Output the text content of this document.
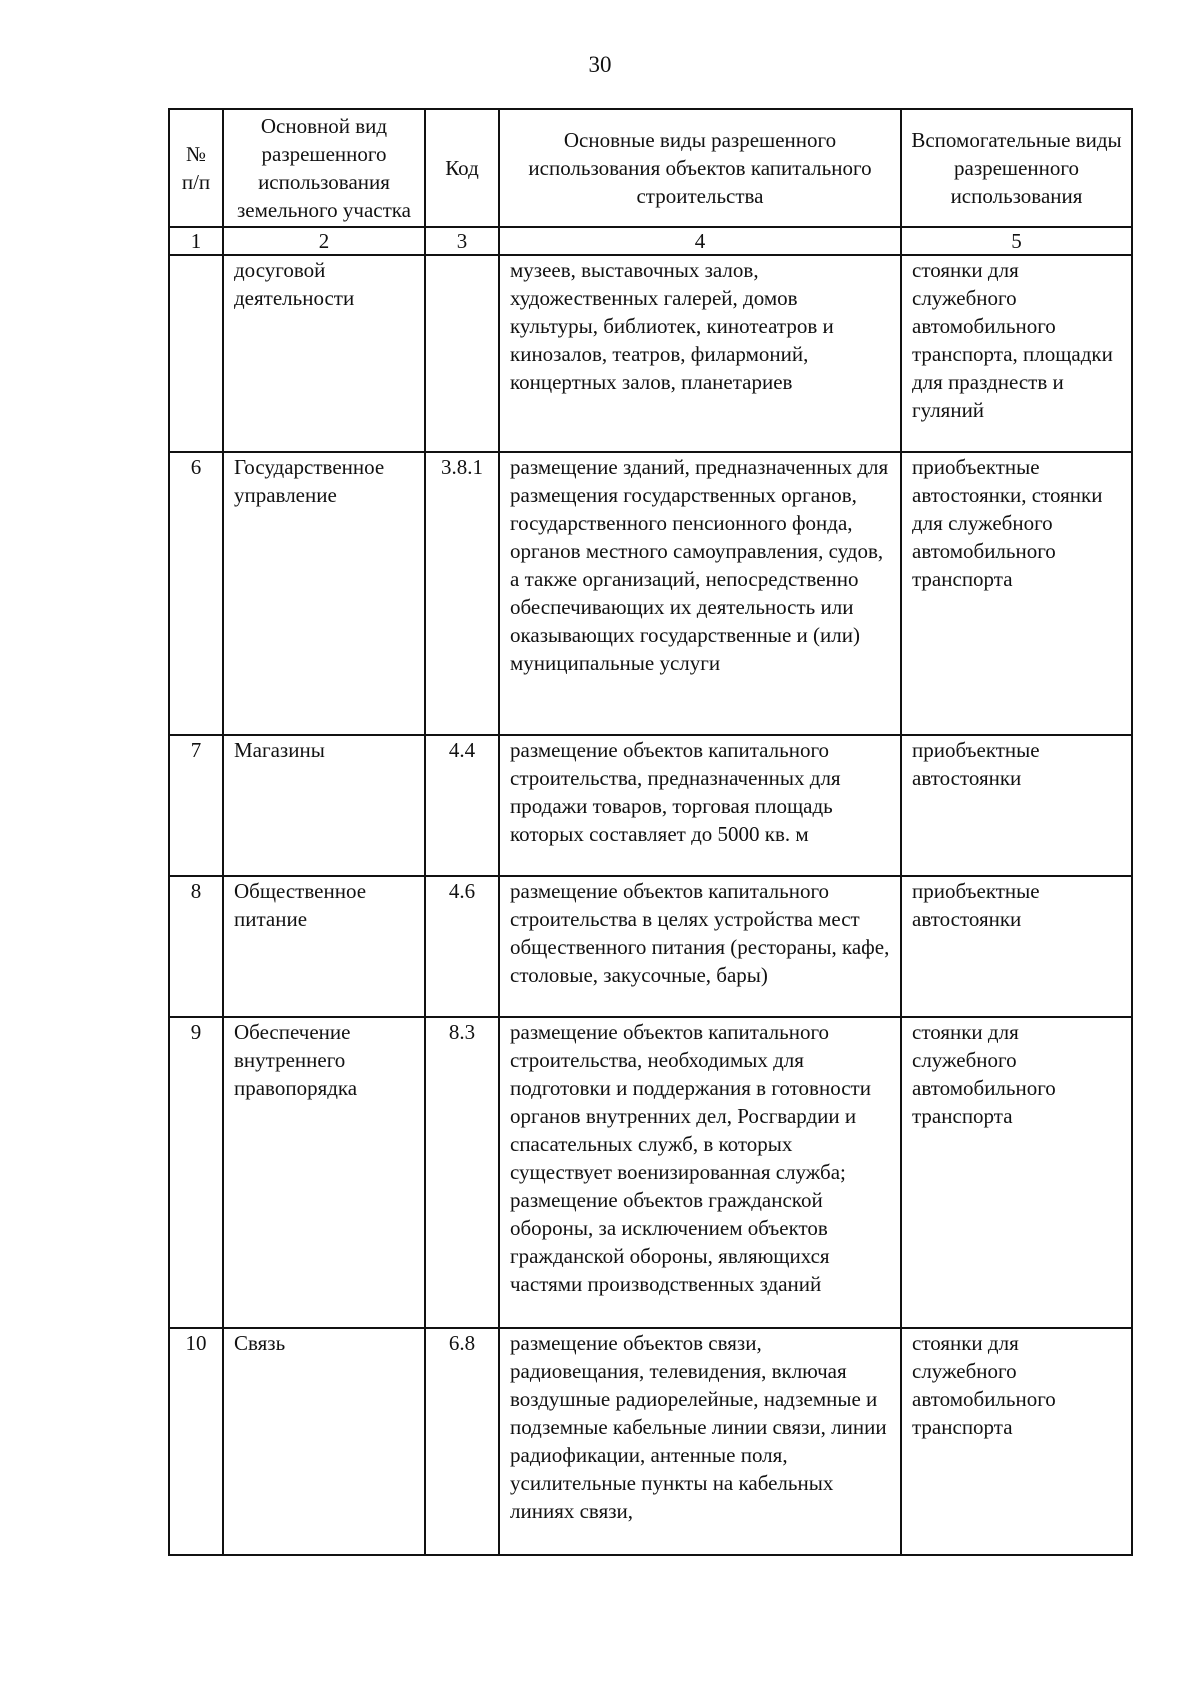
30
№ п/п	Основной вид разрешенного использования земельного участка	Код	Основные виды разрешенного использования объектов капитального строительства	Вспомогательные виды разрешенного использования
1	2	3	4	5
	досуговой деятельности		музеев, выставочных залов, художественных галерей, домов культуры, библиотек, кинотеатров и кинозалов, театров, филармоний, концертных залов, планетариев	стоянки для служебного автомобильного транспорта, площадки для празднеств и гуляний
6	Государственное управление	3.8.1	размещение зданий, предназначенных для размещения государственных органов, государственного пенсионного фонда, органов местного самоуправления, судов, а также организаций, непосредственно обеспечивающих их деятельность или оказывающих государственные и (или) муниципальные услуги	приобъектные автостоянки, стоянки для служебного автомобильного транспорта
7	Магазины	4.4	размещение объектов капитального строительства, предназначенных для продажи товаров, торговая площадь которых составляет до 5000 кв. м	приобъектные автостоянки
8	Общественное питание	4.6	размещение объектов капитального строительства в целях устройства мест общественного питания (рестораны, кафе, столовые, закусочные, бары)	приобъектные автостоянки
9	Обеспечение внутреннего правопорядка	8.3	размещение объектов капитального строительства, необходимых для подготовки и поддержания в готовности органов внутренних дел, Росгвардии и спасательных служб, в которых существует военизированная служба; размещение объектов гражданской обороны, за исключением объектов гражданской обороны, являющихся частями производственных зданий	стоянки для служебного автомобильного транспорта
10	Связь	6.8	размещение объектов связи, радиовещания, телевидения, включая воздушные радиорелейные, надземные и подземные кабельные линии связи, линии радиофикации, антенные поля, усилительные пункты на кабельных линиях связи,	стоянки для служебного автомобильного транспорта
